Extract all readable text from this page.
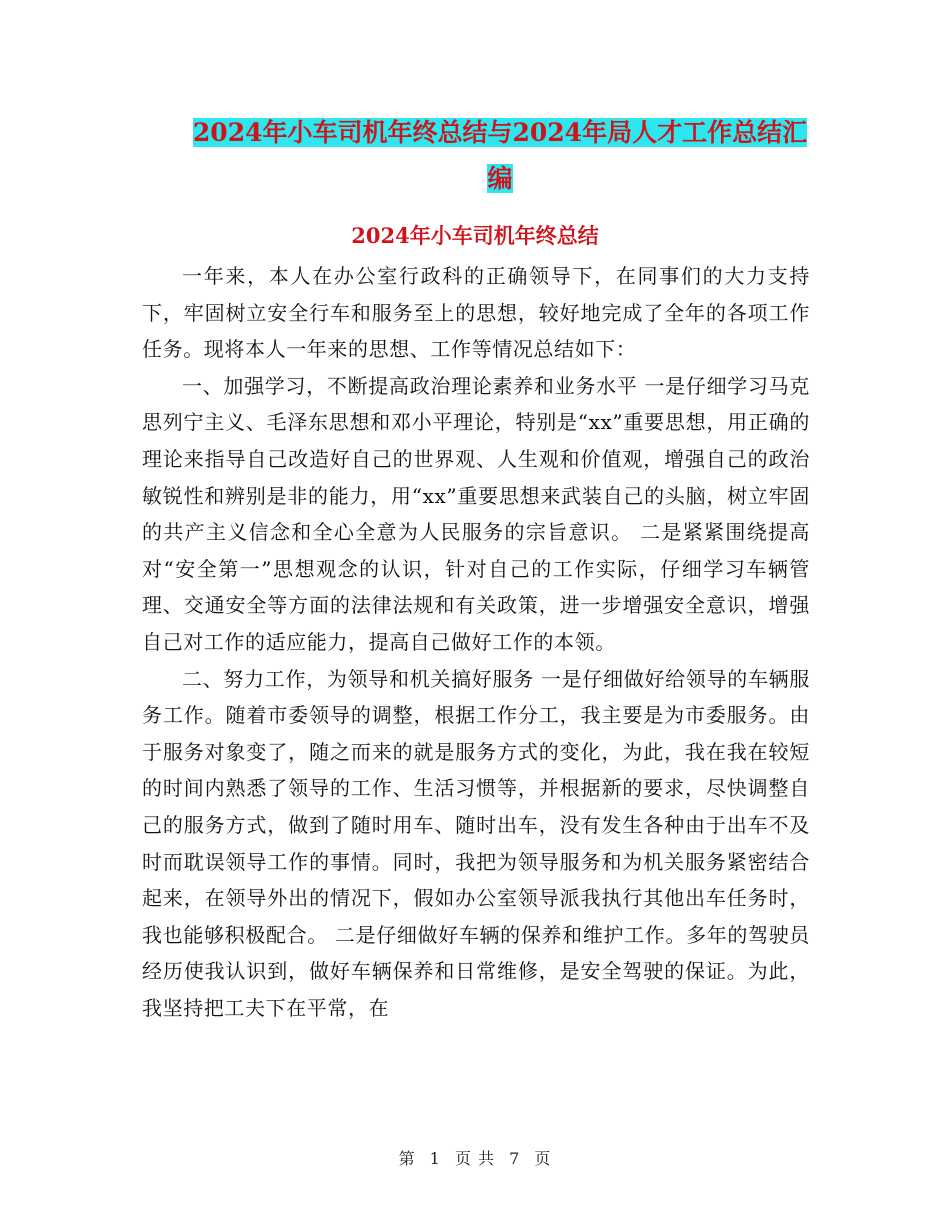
2024年小车司机年终总结与2024年局人才工作总结汇
编
2024年小车司机年终总结

一年来，本人在办公室行政科的正确领导下，在同事们的大力支持下，牢固树立安全行车和服务至上的思想，较好地完成了全年的各项工作任务。现将本人一年来的思想、工作等情况总结如下：

一、加强学习，不断提高政治理论素养和业务水平 一是仔细学习马克思列宁主义、毛泽东思想和邓小平理论，特别是“xx”重要思想，用正确的理论来指导自己改造好自己的世界观、人生观和价值观，增强自己的政治敏锐性和辨别是非的能力，用“xx”重要思想来武装自己的头脑，树立牢固的共产主义信念和全心全意为人民服务的宗旨意识。 二是紧紧围绕提高对“安全第一”思想观念的认识，针对自己的工作实际，仔细学习车辆管理、交通安全等方面的法律法规和有关政策，进一步增强安全意识，增强自己对工作的适应能力，提高自己做好工作的本领。

二、努力工作，为领导和机关搞好服务 一是仔细做好给领导的车辆服务工作。随着市委领导的调整，根据工作分工，我主要是为市委服务。由于服务对象变了，随之而来的就是服务方式的变化，为此，我在我在较短的时间内熟悉了领导的工作、生活习惯等，并根据新的要求，尽快调整自己的服务方式，做到了随时用车、随时出车，没有发生各种由于出车不及时而耽误领导工作的事情。同时，我把为领导服务和为机关服务紧密结合起来，在领导外出的情况下，假如办公室领导派我执行其他出车任务时，我也能够积极配合。 二是仔细做好车辆的保养和维护工作。多年的驾驶员经历使我认识到，做好车辆保养和日常维修，是安全驾驶的保证。为此，我坚持把工夫下在平常，在

第 1 页 共 7 页
